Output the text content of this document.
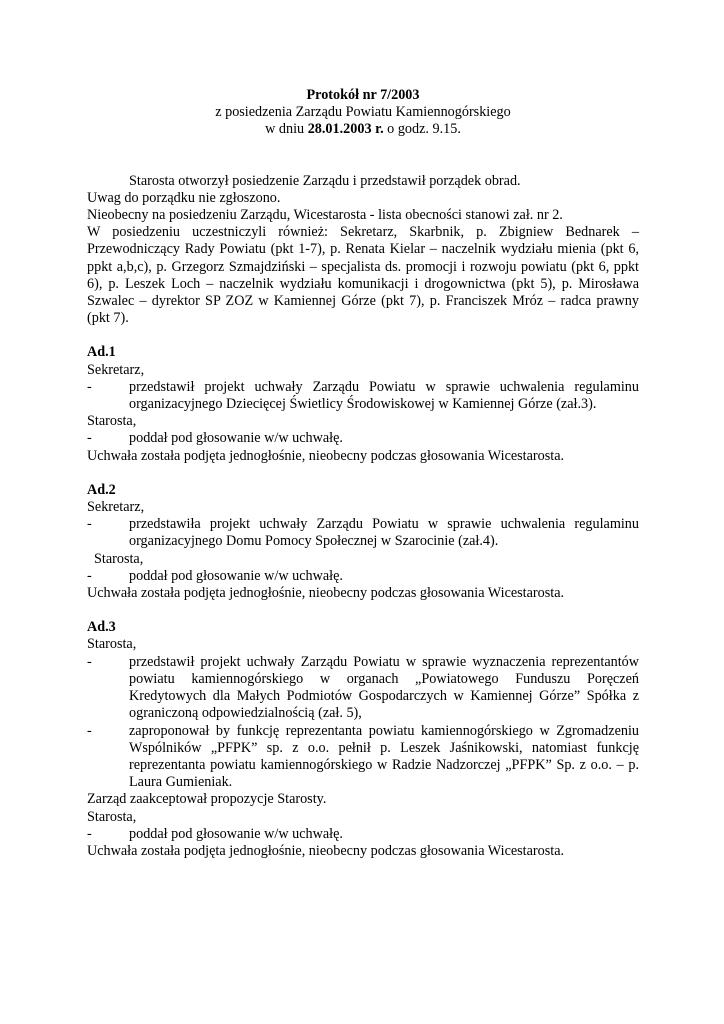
Protokół nr 7/2003

z posiedzenia Zarządu Powiatu Kamiennogórskiego

w dniu 28.01.2003 r. o godz. 9.15.

Starosta otworzył posiedzenie Zarządu i przedstawił porządek obrad.

Uwag do porządku nie zgłoszono.

Nieobecny na posiedzeniu Zarządu, Wicestarosta - lista obecności stanowi zał. nr 2.

W posiedzeniu uczestniczyli również: Sekretarz, Skarbnik, p. Zbigniew Bednarek – Przewodniczący Rady Powiatu (pkt 1-7), p. Renata Kielar – naczelnik wydziału mienia (pkt 6, ppkt a,b,c), p. Grzegorz Szmajdziński – specjalista ds. promocji i rozwoju powiatu (pkt 6, ppkt 6), p. Leszek Loch – naczelnik wydziału komunikacji i drogownictwa (pkt 5), p. Mirosława Szwalec – dyrektor SP ZOZ w Kamiennej Górze (pkt 7), p. Franciszek Mróz – radca prawny (pkt 7).

Ad.1

Sekretarz,

-	przedstawił projekt uchwały Zarządu Powiatu w sprawie uchwalenia regulaminu organizacyjnego Dziecięcej Świetlicy Środowiskowej w Kamiennej Górze (zał.3).

Starosta,

-	poddał pod głosowanie w/w uchwałę.

Uchwała została podjęta jednogłośnie, nieobecny podczas głosowania Wicestarosta.

Ad.2

Sekretarz,

-	przedstawiła projekt uchwały Zarządu Powiatu w sprawie uchwalenia regulaminu organizacyjnego Domu Pomocy Społecznej w Szarocinie (zał.4).

Starosta,

-	poddał pod głosowanie w/w uchwałę.

Uchwała została podjęta jednogłośnie, nieobecny podczas głosowania Wicestarosta.

Ad.3

Starosta,

-	przedstawił projekt uchwały Zarządu Powiatu w sprawie wyznaczenia reprezentantów powiatu kamiennogórskiego w organach „Powiatowego Funduszu Poręczeń Kredytowych dla Małych Podmiotów Gospodarczych w Kamiennej Górze” Spółka z ograniczoną odpowiedzialnością (zał. 5),
-	zaproponował by funkcję reprezentanta powiatu kamiennogórskiego w Zgromadzeniu Wspólników „PFPK” sp. z o.o. pełnił p. Leszek Jaśnikowski, natomiast funkcję reprezentanta powiatu kamiennogórskiego w Radzie Nadzorczej „PFPK” Sp. z o.o. – p. Laura Gumieniak.

Zarząd zaakceptował propozycje Starosty.

Starosta,

-	poddał pod głosowanie w/w uchwałę.

Uchwała została podjęta jednogłośnie, nieobecny podczas głosowania Wicestarosta.
